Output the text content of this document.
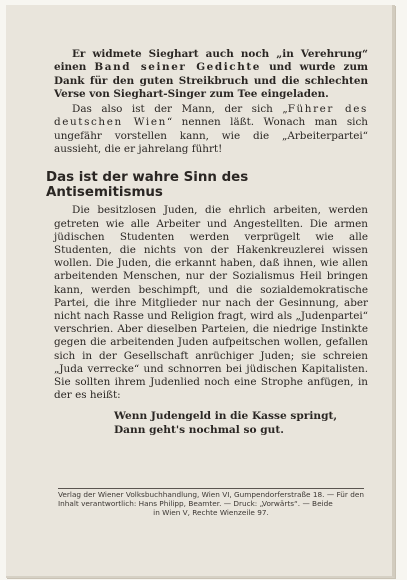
Er widmete Sieghart auch noch „in Verehrung“ einen Band seiner Gedichte und wurde zum Dank für den guten Streikbruch und die schlechten Verse von Sieghart-Singer zum Tee eingeladen.

Das also ist der Mann, der sich „Führer des deutschen Wien“ nennen läßt. Wonach man sich ungefähr vorstellen kann, wie die „Arbeiterpartei“ aussieht, die er jahrelang führt!

Das ist der wahre Sinn des Antisemitismus

Die besitzlosen Juden, die ehrlich arbeiten, werden getreten wie alle Arbeiter und Angestellten. Die armen jüdischen Studenten werden verprügelt wie alle Studenten, die nichts von der Hakenkreuzlerei wissen wollen. Die Juden, die erkannt haben, daß ihnen, wie allen arbeitenden Menschen, nur der Sozialismus Heil bringen kann, werden beschimpft, und die sozialdemokratische Partei, die ihre Mitglieder nur nach der Gesinnung, aber nicht nach Rasse und Religion fragt, wird als „Judenpartei“ verschrien. Aber dieselben Parteien, die niedrige Instinkte gegen die arbeitenden Juden aufpeitschen wollen, gefallen sich in der Gesellschaft anrüchiger Juden; sie schreien „Juda verrecke“ und schnorren bei jüdischen Kapitalisten. Sie sollten ihrem Judenlied noch eine Strophe anfügen, in der es heißt:

Wenn Judengeld in die Kasse springt,
Dann geht's nochmal so gut.
Verlag der Wiener Volksbuchhandlung, Wien VI, Gumpendorferstraße 18. — Für den Inhalt verantwortlich: Hans Philipp, Beamter. — Druck: „Vorwärts“. — Beide
in Wien V, Rechte Wienzeile 97.
